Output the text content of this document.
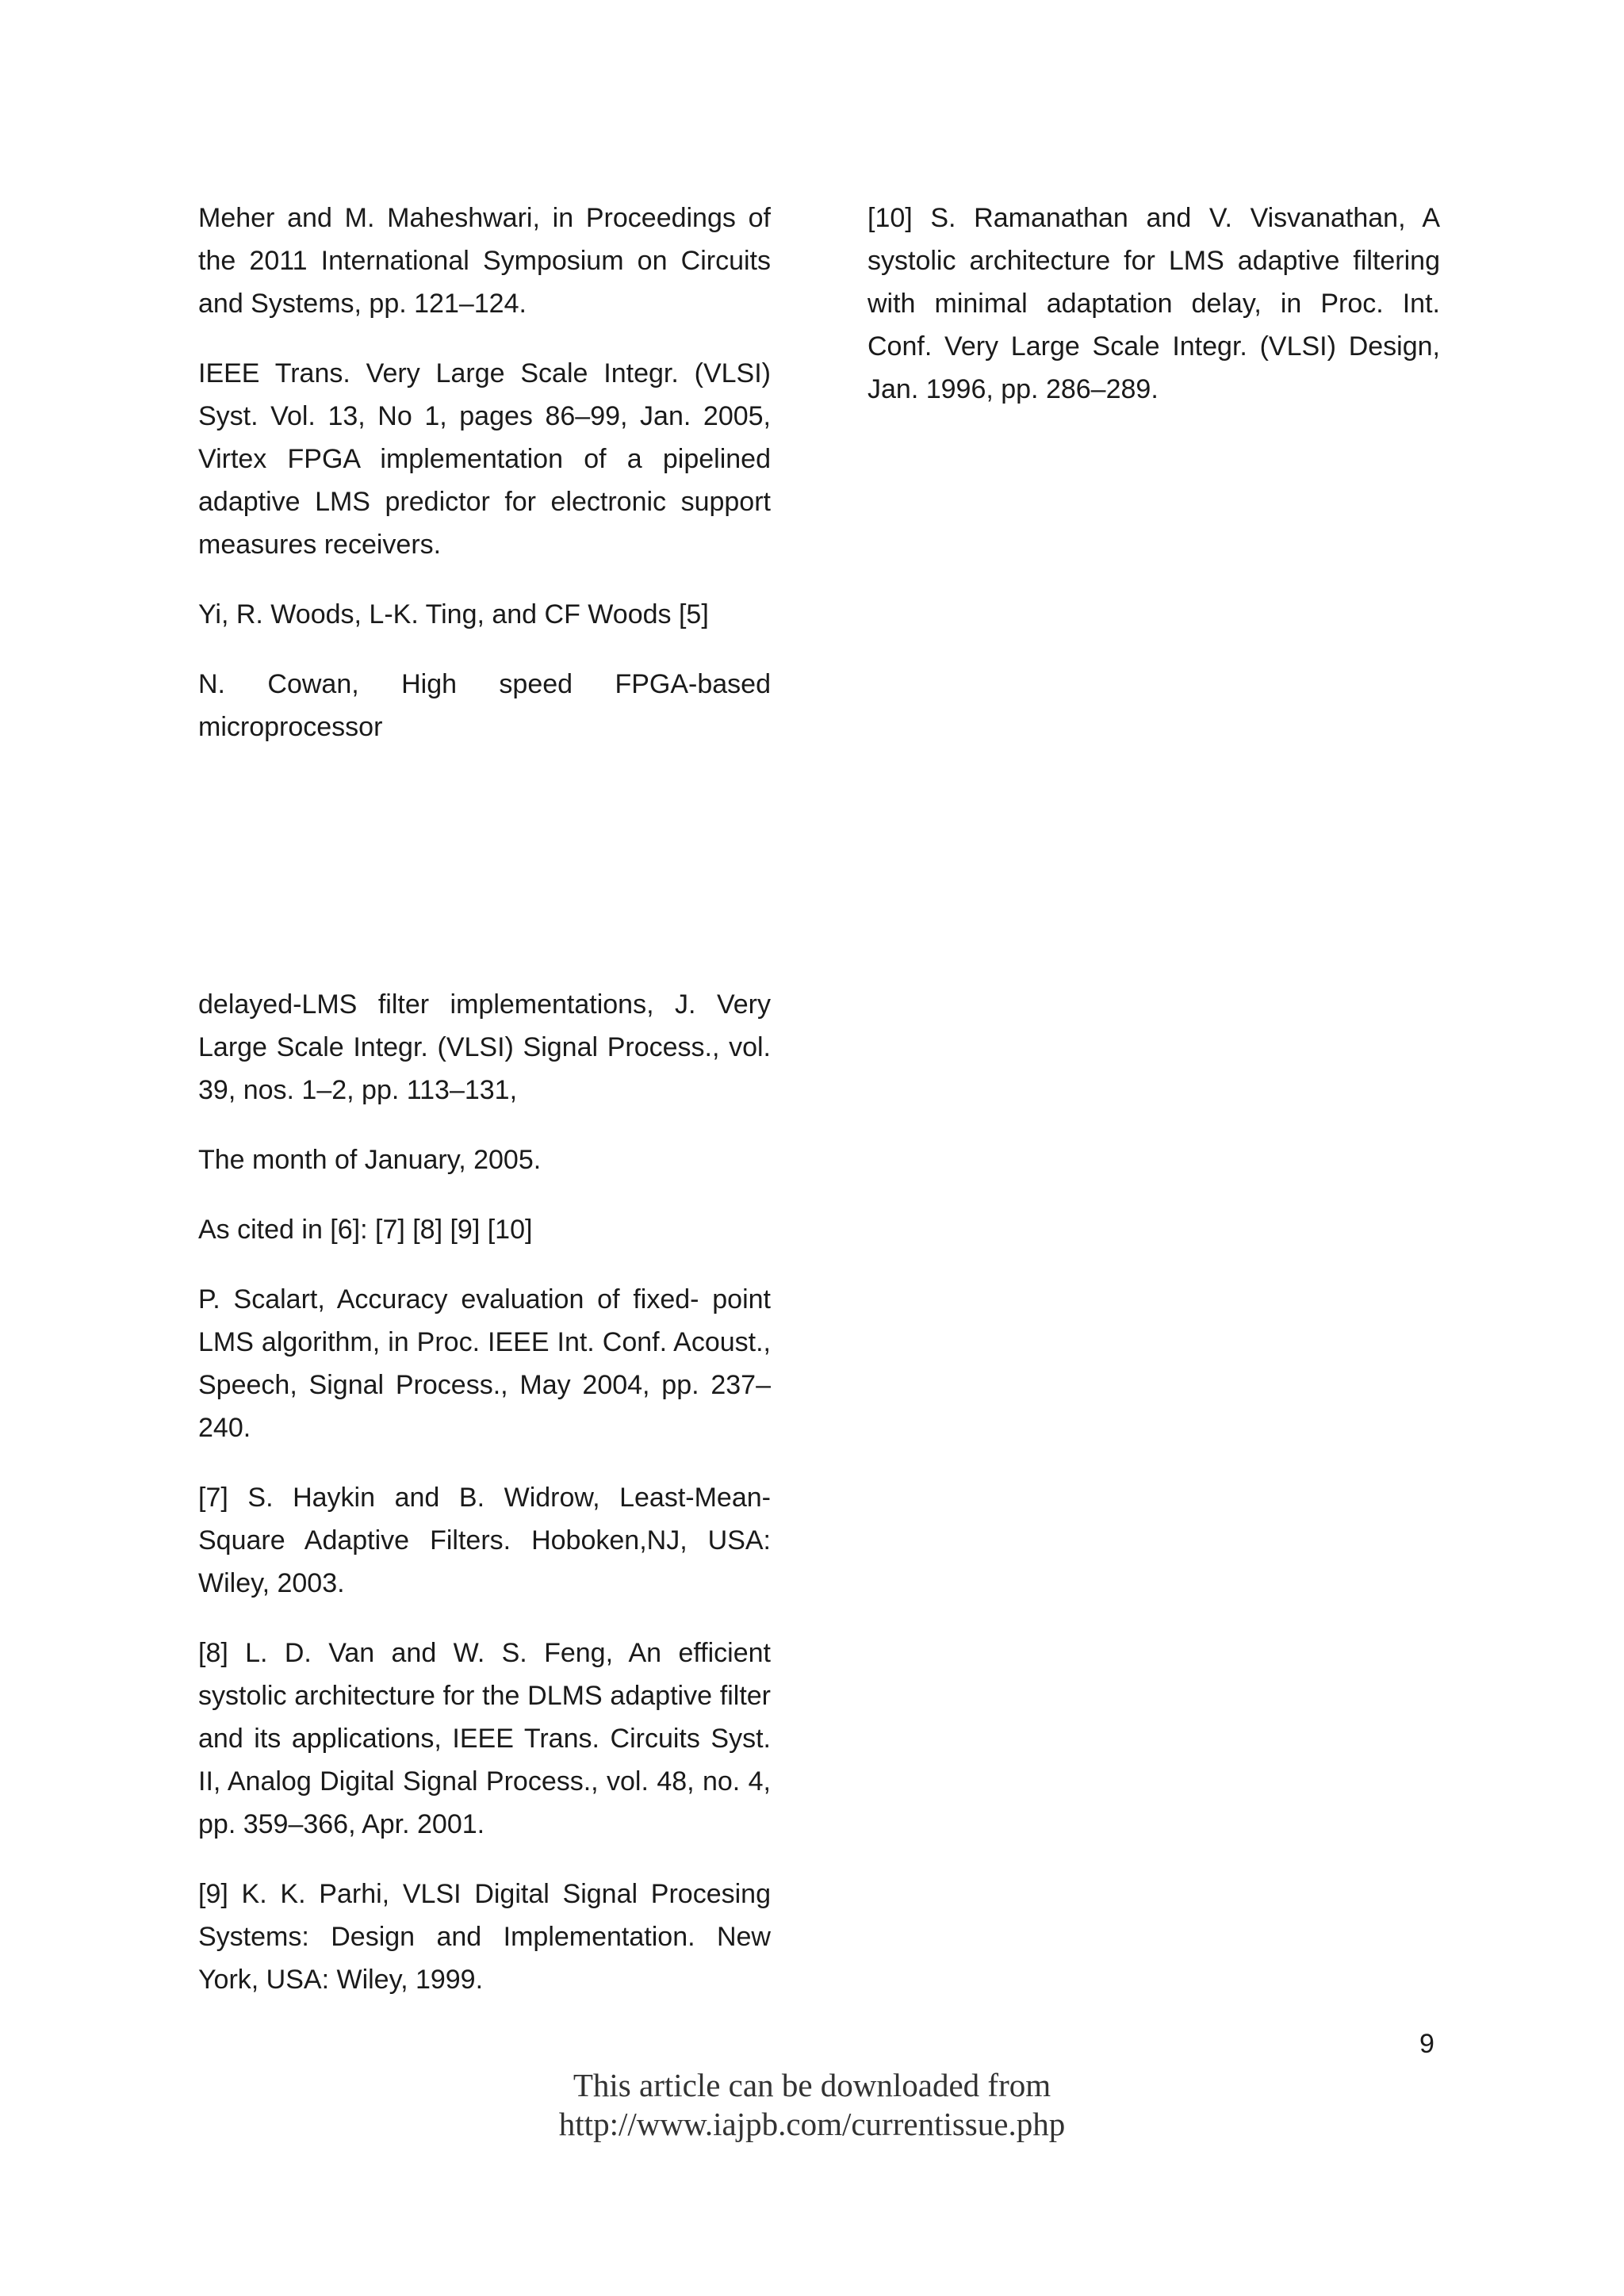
Meher and M. Maheshwari, in Proceedings of the 2011 International Symposium on Circuits and Systems, pp. 121–124.

IEEE Trans. Very Large Scale Integr. (VLSI) Syst. Vol. 13, No 1, pages 86–99, Jan. 2005, Virtex FPGA implementation of a pipelined adaptive LMS predictor for electronic support measures receivers.

Yi, R. Woods, L-K. Ting, and CF Woods [5]

N. Cowan, High speed FPGA-based microprocessor

delayed-LMS filter implementations, J. Very Large Scale Integr. (VLSI) Signal Process., vol. 39, nos. 1–2, pp. 113–131,

The month of January, 2005.

As cited in [6]: [7] [8] [9] [10]

P. Scalart, Accuracy evaluation of fixed- point LMS algorithm, in Proc. IEEE Int. Conf. Acoust., Speech, Signal Process., May 2004, pp. 237–240.

[7] S. Haykin and B. Widrow, Least-Mean-Square Adaptive Filters. Hoboken,NJ, USA: Wiley, 2003.

[8] L. D. Van and W. S. Feng, An efficient systolic architecture for the DLMS adaptive filter and its applications, IEEE Trans. Circuits Syst. II, Analog Digital Signal Process., vol. 48, no. 4, pp. 359–366, Apr. 2001.

[9] K. K. Parhi, VLSI Digital Signal Procesing Systems: Design and Implementation. New York, USA: Wiley, 1999.

[10] S. Ramanathan and V. Visvanathan, A systolic architecture for LMS adaptive filtering with minimal adaptation delay, in Proc. Int. Conf. Very Large Scale Integr. (VLSI) Design, Jan. 1996, pp. 286–289.

9
This article can be downloaded from
http://www.iajpb.com/currentissue.php
